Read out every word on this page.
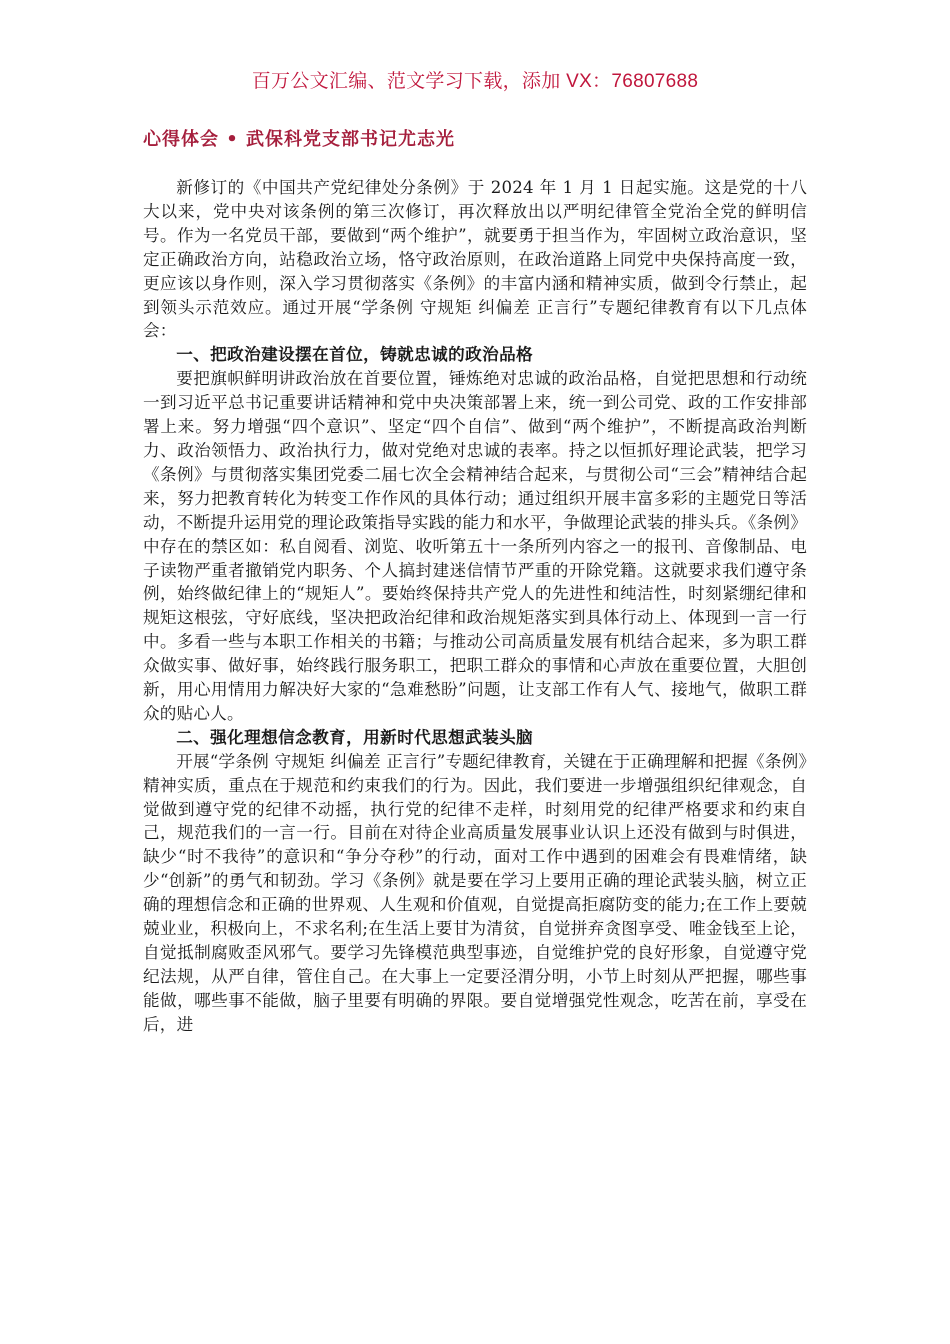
百万公文汇编、范文学习下载，添加 VX：76807688
心得体会 • 武保科党支部书记尤志光

新修订的《中国共产党纪律处分条例》于 2024 年 1 月 1 日起实施。这是党的十八大以来，党中央对该条例的第三次修订，再次释放出以严明纪律管全党治全党的鲜明信号。作为一名党员干部，要做到“两个维护”，就要勇于担当作为，牢固树立政治意识，坚定正确政治方向，站稳政治立场，恪守政治原则，在政治道路上同党中央保持高度一致，更应该以身作则，深入学习贯彻落实《条例》的丰富内涵和精神实质，做到令行禁止，起到领头示范效应。通过开展“学条例 守规矩 纠偏差 正言行”专题纪律教育有以下几点体会：

一、把政治建设摆在首位，铸就忠诚的政治品格

要把旗帜鲜明讲政治放在首要位置，锤炼绝对忠诚的政治品格，自觉把思想和行动统一到习近平总书记重要讲话精神和党中央决策部署上来，统一到公司党、政的工作安排部署上来。努力增强“四个意识”、坚定“四个自信”、做到“两个维护”，不断提高政治判断力、政治领悟力、政治执行力，做对党绝对忠诚的表率。持之以恒抓好理论武装，把学习《条例》与贯彻落实集团党委二届七次全会精神结合起来，与贯彻公司“三会”精神结合起来，努力把教育转化为转变工作作风的具体行动；通过组织开展丰富多彩的主题党日等活动，不断提升运用党的理论政策指导实践的能力和水平，争做理论武装的排头兵。《条例》中存在的禁区如：私自阅看、浏览、收听第五十一条所列内容之一的报刊、音像制品、电子读物严重者撤销党内职务、个人搞封建迷信情节严重的开除党籍。这就要求我们遵守条例，始终做纪律上的“规矩人”。要始终保持共产党人的先进性和纯洁性，时刻紧绷纪律和规矩这根弦，守好底线，坚决把政治纪律和政治规矩落实到具体行动上、体现到一言一行中。多看一些与本职工作相关的书籍；与推动公司高质量发展有机结合起来，多为职工群众做实事、做好事，始终践行服务职工，把职工群众的事情和心声放在重要位置，大胆创新，用心用情用力解决好大家的“急难愁盼”问题，让支部工作有人气、接地气，做职工群众的贴心人。

二、强化理想信念教育，用新时代思想武装头脑

开展“学条例 守规矩 纠偏差 正言行”专题纪律教育，关键在于正确理解和把握《条例》精神实质，重点在于规范和约束我们的行为。因此，我们要进一步增强组织纪律观念，自觉做到遵守党的纪律不动摇，执行党的纪律不走样，时刻用党的纪律严格要求和约束自己，规范我们的一言一行。目前在对待企业高质量发展事业认识上还没有做到与时俱进，缺少“时不我待”的意识和“争分夺秒”的行动，面对工作中遇到的困难会有畏难情绪，缺少“创新”的勇气和韧劲。学习《条例》就是要在学习上要用正确的理论武装头脑，树立正确的理想信念和正确的世界观、人生观和价值观，自觉提高拒腐防变的能力;在工作上要兢兢业业，积极向上，不求名利;在生活上要甘为清贫，自觉拼弃贪图享受、唯金钱至上论，自觉抵制腐败歪风邪气。要学习先锋模范典型事迹，自觉维护党的良好形象，自觉遵守党纪法规，从严自律，管住自己。在大事上一定要泾渭分明，小节上时刻从严把握，哪些事能做，哪些事不能做，脑子里要有明确的界限。要自觉增强党性观念，吃苦在前，享受在后，进
